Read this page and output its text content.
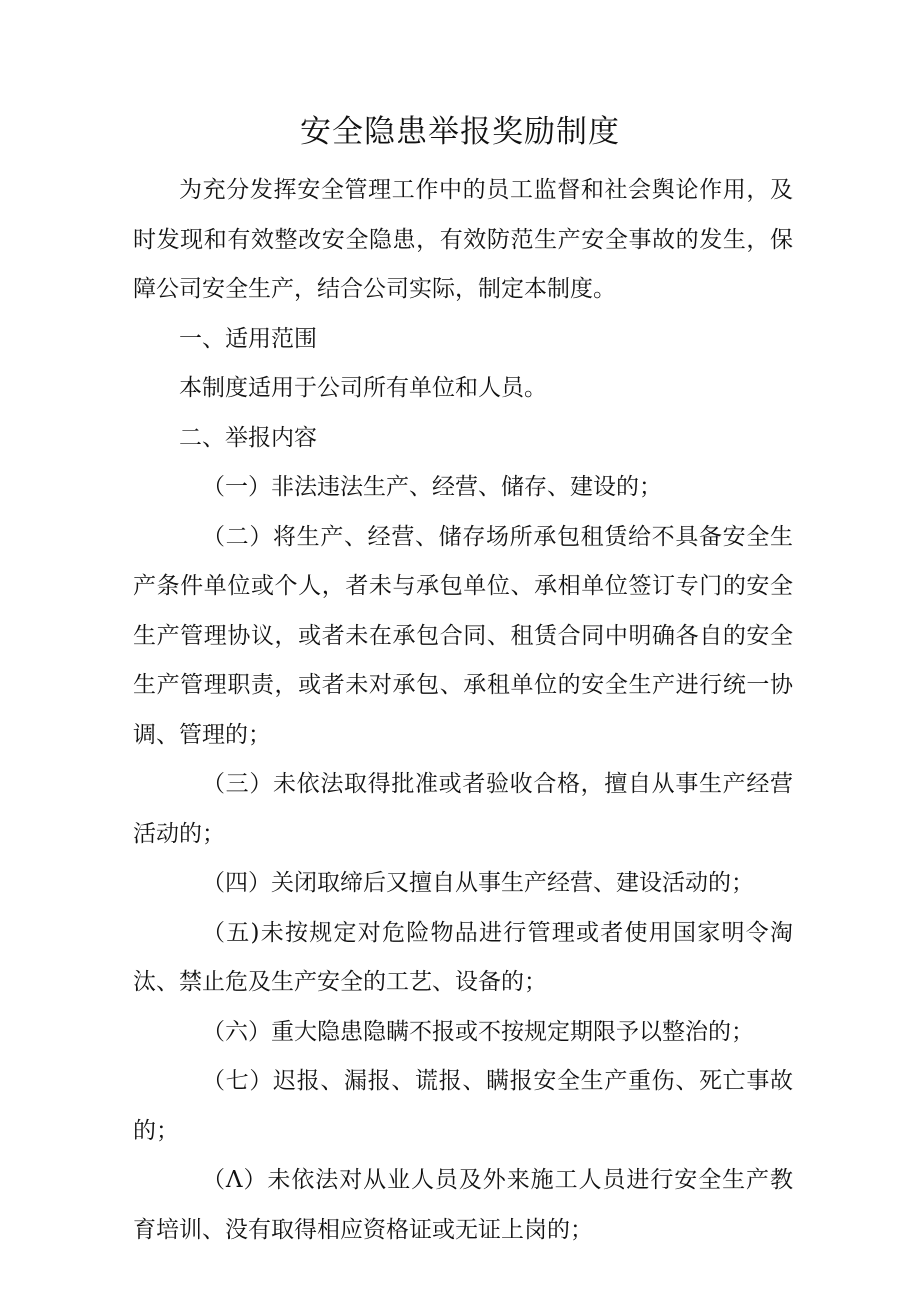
安全隐患举报奖励制度

为充分发挥安全管理工作中的员工监督和社会舆论作用，及时发现和有效整改安全隐患，有效防范生产安全事故的发生，保障公司安全生产，结合公司实际，制定本制度。

一、适用范围

本制度适用于公司所有单位和人员。

二、举报内容

（一）非法违法生产、经营、储存、建设的；

（二）将生产、经营、储存场所承包租赁给不具备安全生产条件单位或个人，者未与承包单位、承相单位签订专门的安全生产管理协议，或者未在承包合同、租赁合同中明确各自的安全生产管理职责，或者未对承包、承租单位的安全生产进行统一协调、管理的；

（三）未依法取得批准或者验收合格，擅自从事生产经营活动的；

（四）关闭取缔后又擅自从事生产经营、建设活动的；

（五)未按规定对危险物品进行管理或者使用国家明令淘汰、禁止危及生产安全的工艺、设备的；

（六）重大隐患隐瞒不报或不按规定期限予以整治的；

（七）迟报、漏报、谎报、瞒报安全生产重伤、死亡事故的；

（Λ）未依法对从业人员及外来施工人员进行安全生产教育培训、没有取得相应资格证或无证上岗的；
